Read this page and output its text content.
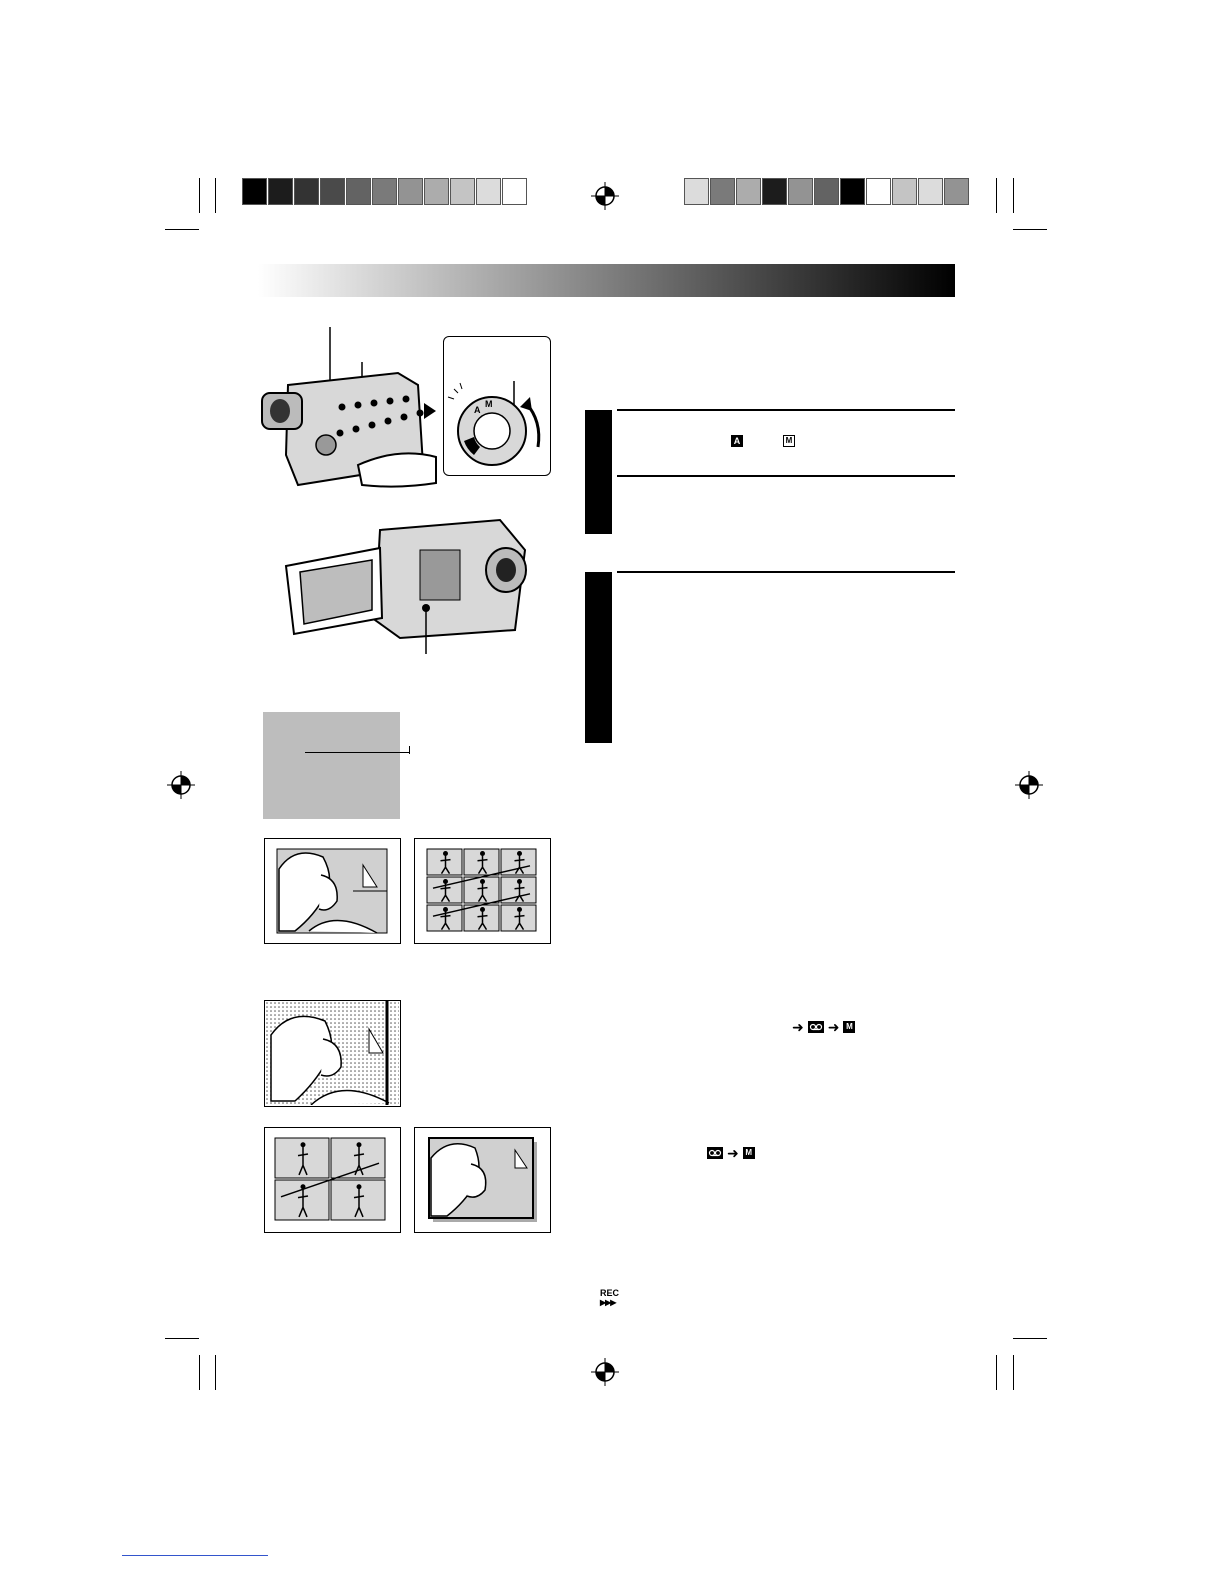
A
M
A	M
➜ ➜ M
➜ M
REC
▶▶▶
